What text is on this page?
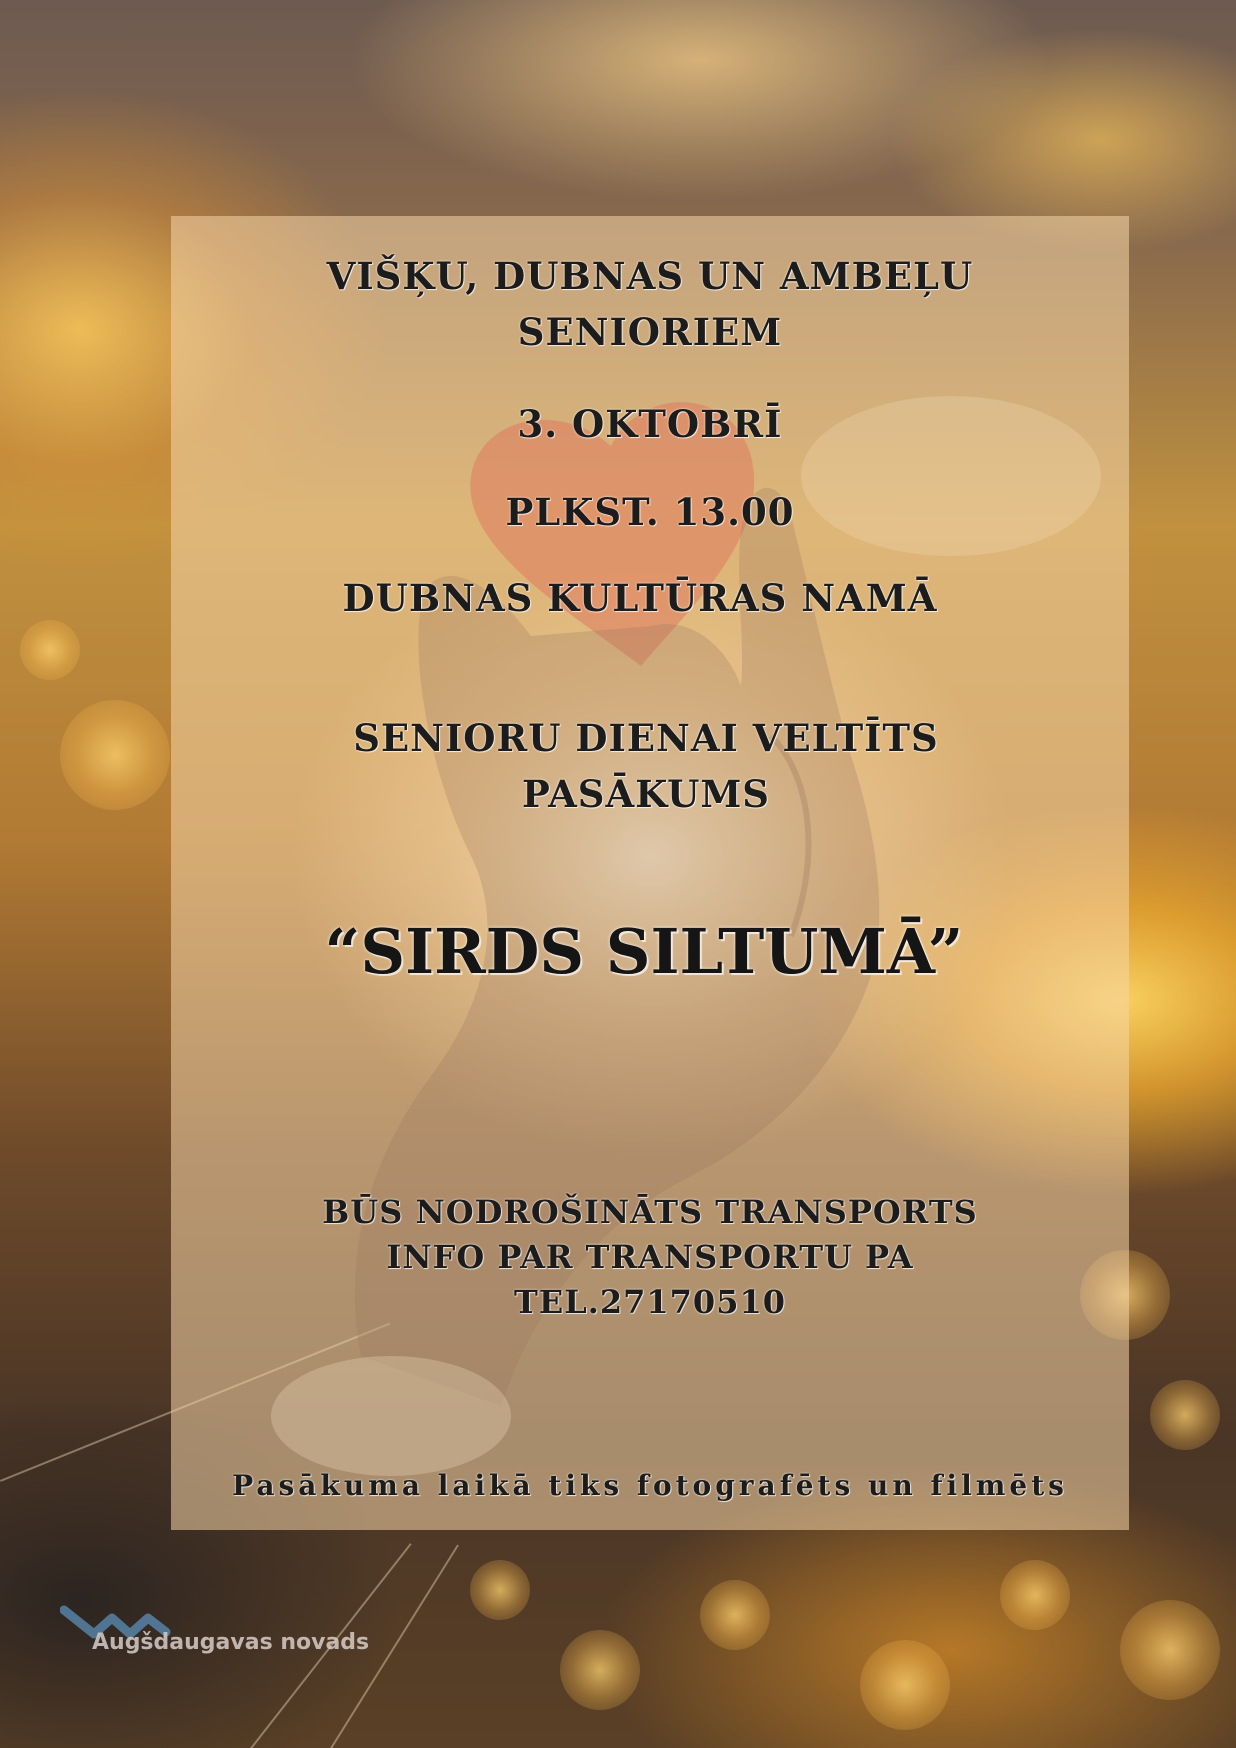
VIŠĶU, DUBNAS UN AMBEĻU SENIORIEM

3. OKTOBRĪ

PLKST. 13.00

DUBNAS KULTŪRAS NAMĀ

SENIORU DIENAI VELTĪTS PASĀKUMS

“SIRDS SILTUMĀ”

BŪS NODROŠINĀTS TRANSPORTS INFO PAR TRANSPORTU PA TEL.27170510

Pasākuma laikā tiks fotografēts un filmēts

Augšdaugavas novads
